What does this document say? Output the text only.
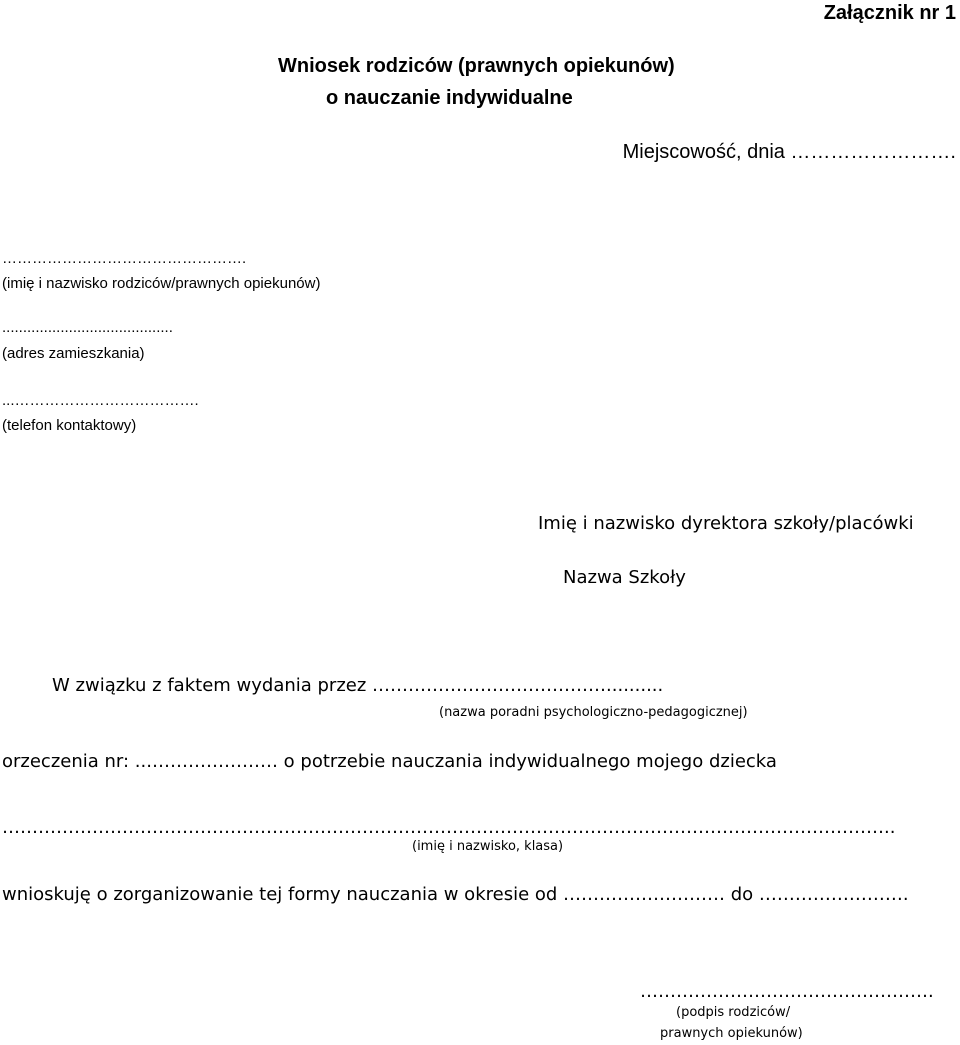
Załącznik nr 1
Wniosek rodziców (prawnych opiekunów)
o nauczanie indywidualne
Miejscowość, dnia …………………….
………………………………………….
(imię i nazwisko rodziców/prawnych opiekunów)
.........................................
(adres zamieszkania)
...……………………………….
(telefon kontaktowy)
Imię i nazwisko dyrektora szkoły/placówki
Nazwa Szkoły
W związku z faktem wydania przez …………………………………..........
(nazwa poradni psychologiczno-pedagogicznej)
orzeczenia nr: ...………………… o potrzebie nauczania indywidualnego mojego dziecka
…………………………………………………………………………………………………………………………………..
(imię i nazwisko, klasa)
wnioskuję o zorganizowanie tej formy nauczania w okresie od ……………………… do …………………….
………………………………………….
(podpis rodziców/
prawnych opiekunów)
